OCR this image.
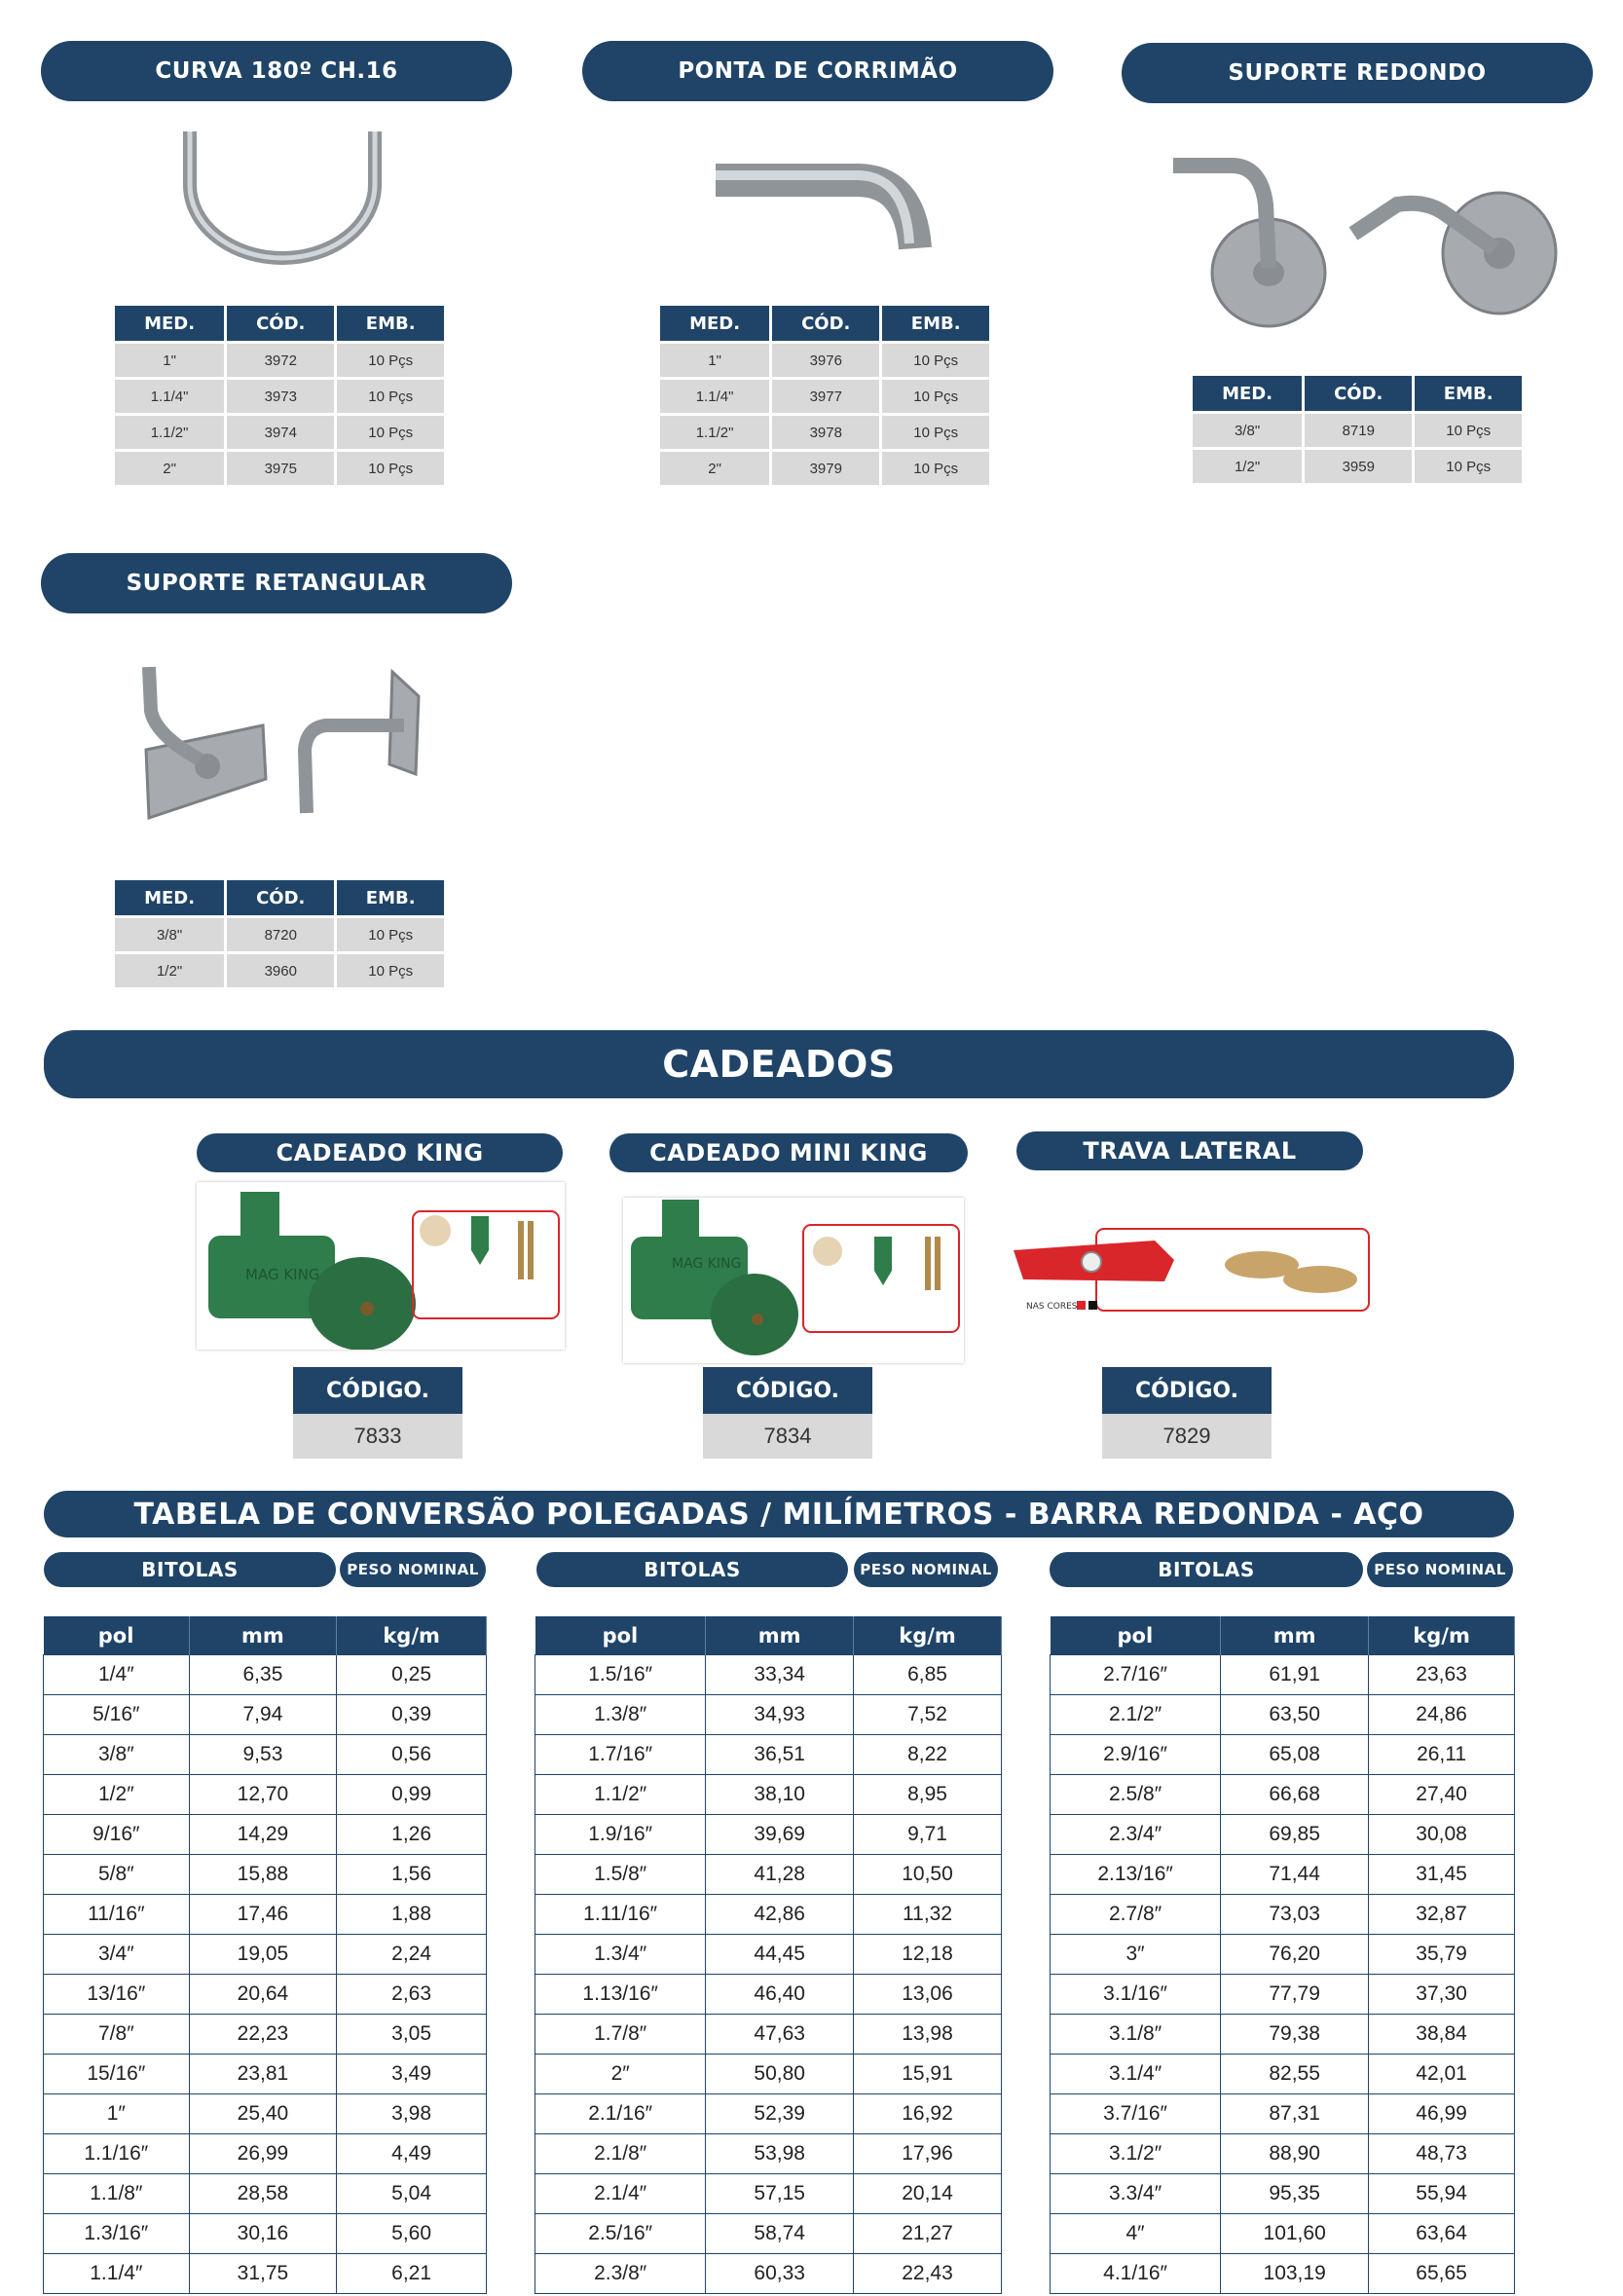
CURVA 180º CH.16
MED.	CÓD.	EMB.
1"	3972	10 Pçs
1.1/4"	3973	10 Pçs
1.1/2"	3974	10 Pçs
2"	3975	10 Pçs
PONTA DE CORRIMÃO
MED.	CÓD.	EMB.
1"	3976	10 Pçs
1.1/4"	3977	10 Pçs
1.1/2"	3978	10 Pçs
2"	3979	10 Pçs
SUPORTE REDONDO
MED.	CÓD.	EMB.
3/8"	8719	10 Pçs
1/2"	3959	10 Pçs
SUPORTE RETANGULAR
MED.	CÓD.	EMB.
3/8"	8720	10 Pçs
1/2"	3960	10 Pçs
CADEADOS
CADEADO KING	CADEADO MINI KING	TRAVA LATERAL
MAG KING
MAG KING
NAS CORES
CÓDIGO.
7833
CÓDIGO.
7834
CÓDIGO.
7829
TABELA DE CONVERSÃO POLEGADAS / MILÍMETROS - BARRA REDONDA - AÇO
BITOLAS	PESO NOMINAL	BITOLAS	PESO NOMINAL	BITOLAS	PESO NOMINAL
pol	mm	kg/m
1/4″	6,35	0,25
5/16″	7,94	0,39
3/8″	9,53	0,56
1/2″	12,70	0,99
9/16″	14,29	1,26
5/8″	15,88	1,56
11/16″	17,46	1,88
3/4″	19,05	2,24
13/16″	20,64	2,63
7/8″	22,23	3,05
15/16″	23,81	3,49
1″	25,40	3,98
1.1/16″	26,99	4,49
1.1/8″	28,58	5,04
1.3/16″	30,16	5,60
1.1/4″	31,75	6,21
pol	mm	kg/m
1.5/16″	33,34	6,85
1.3/8″	34,93	7,52
1.7/16″	36,51	8,22
1.1/2″	38,10	8,95
1.9/16″	39,69	9,71
1.5/8″	41,28	10,50
1.11/16″	42,86	11,32
1.3/4″	44,45	12,18
1.13/16″	46,40	13,06
1.7/8″	47,63	13,98
2″	50,80	15,91
2.1/16″	52,39	16,92
2.1/8″	53,98	17,96
2.1/4″	57,15	20,14
2.5/16″	58,74	21,27
2.3/8″	60,33	22,43
pol	mm	kg/m
2.7/16″	61,91	23,63
2.1/2″	63,50	24,86
2.9/16″	65,08	26,11
2.5/8″	66,68	27,40
2.3/4″	69,85	30,08
2.13/16″	71,44	31,45
2.7/8″	73,03	32,87
3″	76,20	35,79
3.1/16″	77,79	37,30
3.1/8″	79,38	38,84
3.1/4″	82,55	42,01
3.7/16″	87,31	46,99
3.1/2″	88,90	48,73
3.3/4″	95,35	55,94
4″	101,60	63,64
4.1/16″	103,19	65,65
